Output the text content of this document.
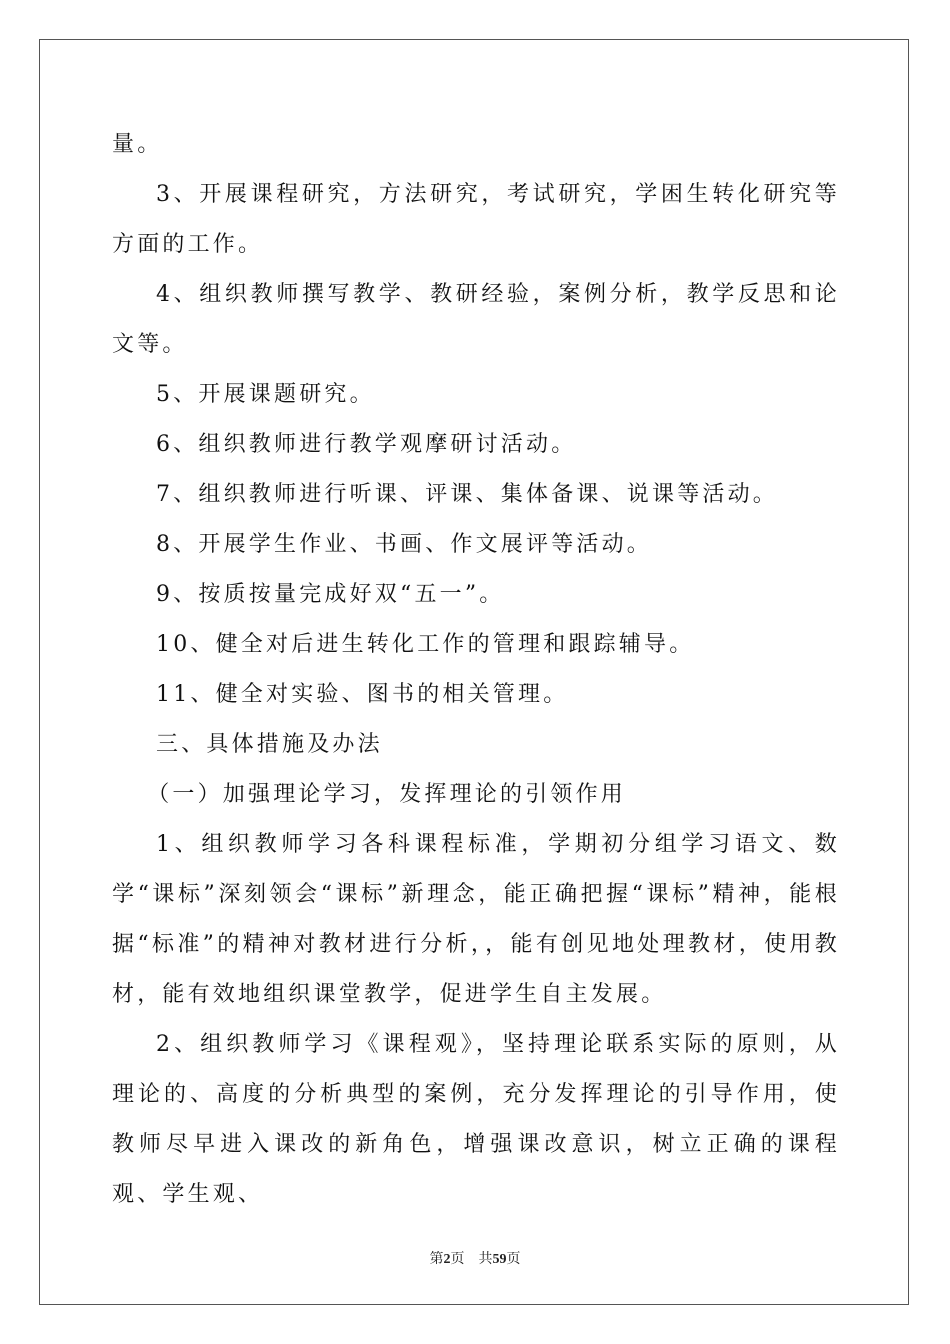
量。

3、开展课程研究，方法研究，考试研究，学困生转化研究等方面的工作。

4、组织教师撰写教学、教研经验，案例分析，教学反思和论文等。

5、开展课题研究。

6、组织教师进行教学观摩研讨活动。

7、组织教师进行听课、评课、集体备课、说课等活动。

8、开展学生作业、书画、作文展评等活动。

9、按质按量完成好双“五一”。

10、健全对后进生转化工作的管理和跟踪辅导。

11、健全对实验、图书的相关管理。

三、具体措施及办法

（一）加强理论学习，发挥理论的引领作用

1、组织教师学习各科课程标准，学期初分组学习语文、数学“课标”深刻领会“课标”新理念，能正确把握“课标”精神，能根据“标准”的精神对教材进行分析，，能有创见地处理教材，使用教材，能有效地组织课堂教学，促进学生自主发展。

2、组织教师学习《课程观》，坚持理论联系实际的原则，从理论的、高度的分析典型的案例，充分发挥理论的引导作用，使教师尽早进入课改的新角色，增强课改意识，树立正确的课程观、学生观、

第2页 共59页
